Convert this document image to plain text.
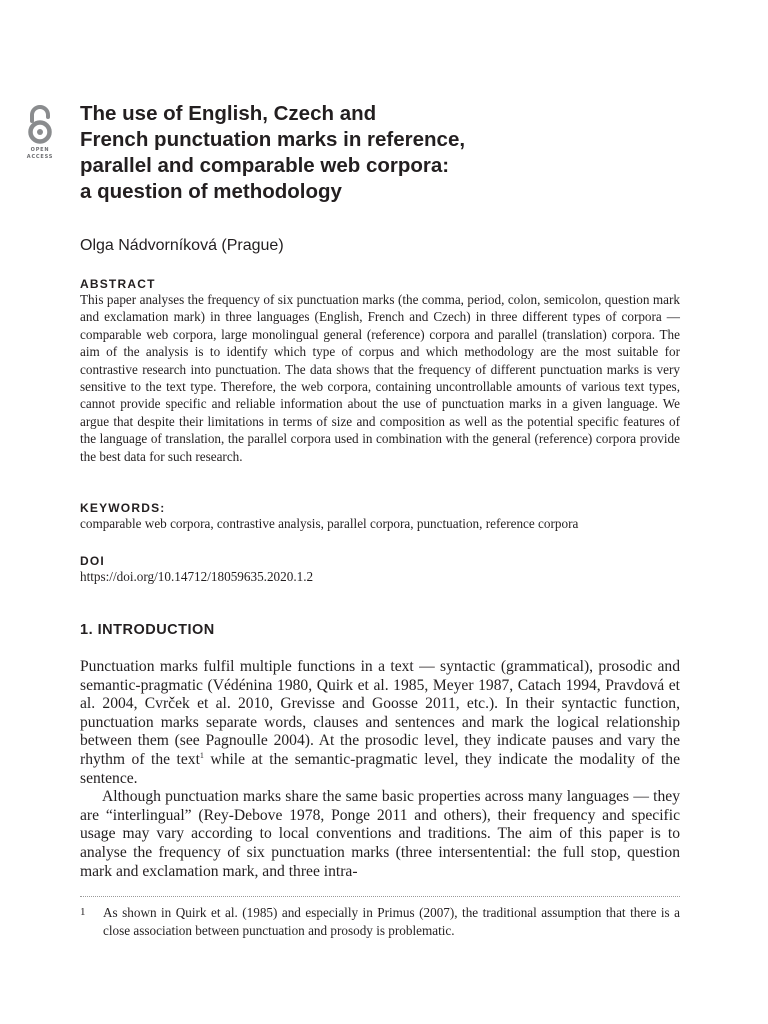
OPEN
ACCESS
The use of English, Czech and
French punctuation marks in reference,
parallel and comparable web corpora:
a question of methodology

Olga Nádvorníková (Prague)

ABSTRACT

This paper analyses the frequency of six punctuation marks (the comma, period, colon, semicolon, question mark and exclamation mark) in three languages (English, French and Czech) in three different types of corpora — comparable web corpora, large monolingual general (reference) corpora and parallel (translation) corpora. The aim of the analysis is to identify which type of corpus and which methodology are the most suitable for contrastive research into punctuation. The data shows that the frequency of different punctuation marks is very sensitive to the text type. Therefore, the web corpora, containing uncontrollable amounts of various text types, cannot provide specific and reliable information about the use of punctuation marks in a given language. We argue that despite their limitations in terms of size and composition as well as the potential specific features of the language of translation, the parallel corpora used in combination with the general (reference) corpora provide the best data for such research.

KEYWORDS:

comparable web corpora, contrastive analysis, parallel corpora, punctuation, reference corpora

DOI

https://doi.org/10.14712/18059635.2020.1.2

1. INTRODUCTION

Punctuation marks fulfil multiple functions in a text — syntactic (grammatical), prosodic and semantic-pragmatic (Védénina 1980, Quirk et al. 1985, Meyer 1987, Catach 1994, Pravdová et al. 2004, Cvrček et al. 2010, Grevisse and Goosse 2011, etc.). In their syntactic function, punctuation marks separate words, clauses and sentences and mark the logical relationship between them (see Pagnoulle 2004). At the prosodic level, they indicate pauses and vary the rhythm of the text$^1$ while at the semantic-pragmatic level, they indicate the modality of the sentence.

Although punctuation marks share the same basic properties across many languages — they are “interlingual” (Rey-Debove 1978, Ponge 2011 and others), their frequency and specific usage may vary according to local conventions and traditions. The aim of this paper is to analyse the frequency of six punctuation marks (three intersentential: the full stop, question mark and exclamation mark, and three intra-

1 As shown in Quirk et al. (1985) and especially in Primus (2007), the traditional assumption that there is a close association between punctuation and prosody is problematic.
